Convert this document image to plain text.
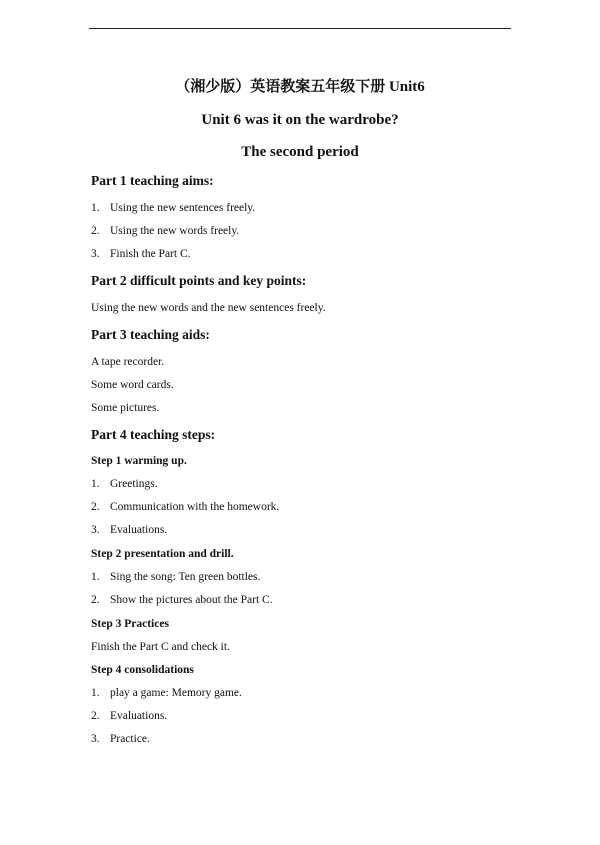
（湘少版）英语教案五年级下册 Unit6
Unit 6 was it on the wardrobe?
The second period
Part 1 teaching aims:
1. Using the new sentences freely.
2. Using the new words freely.
3. Finish the Part C.
Part 2 difficult points and key points:
Using the new words and the new sentences freely.
Part 3 teaching aids:
A tape recorder.
Some word cards.
Some pictures.
Part 4 teaching steps:
Step 1 warming up.
1. Greetings.
2. Communication with the homework.
3. Evaluations.
Step 2 presentation and drill.
1. Sing the song: Ten green bottles.
2. Show the pictures about the Part C.
Step 3 Practices
Finish the Part C and check it.
Step 4 consolidations
1. play a game: Memory game.
2. Evaluations.
3. Practice.
